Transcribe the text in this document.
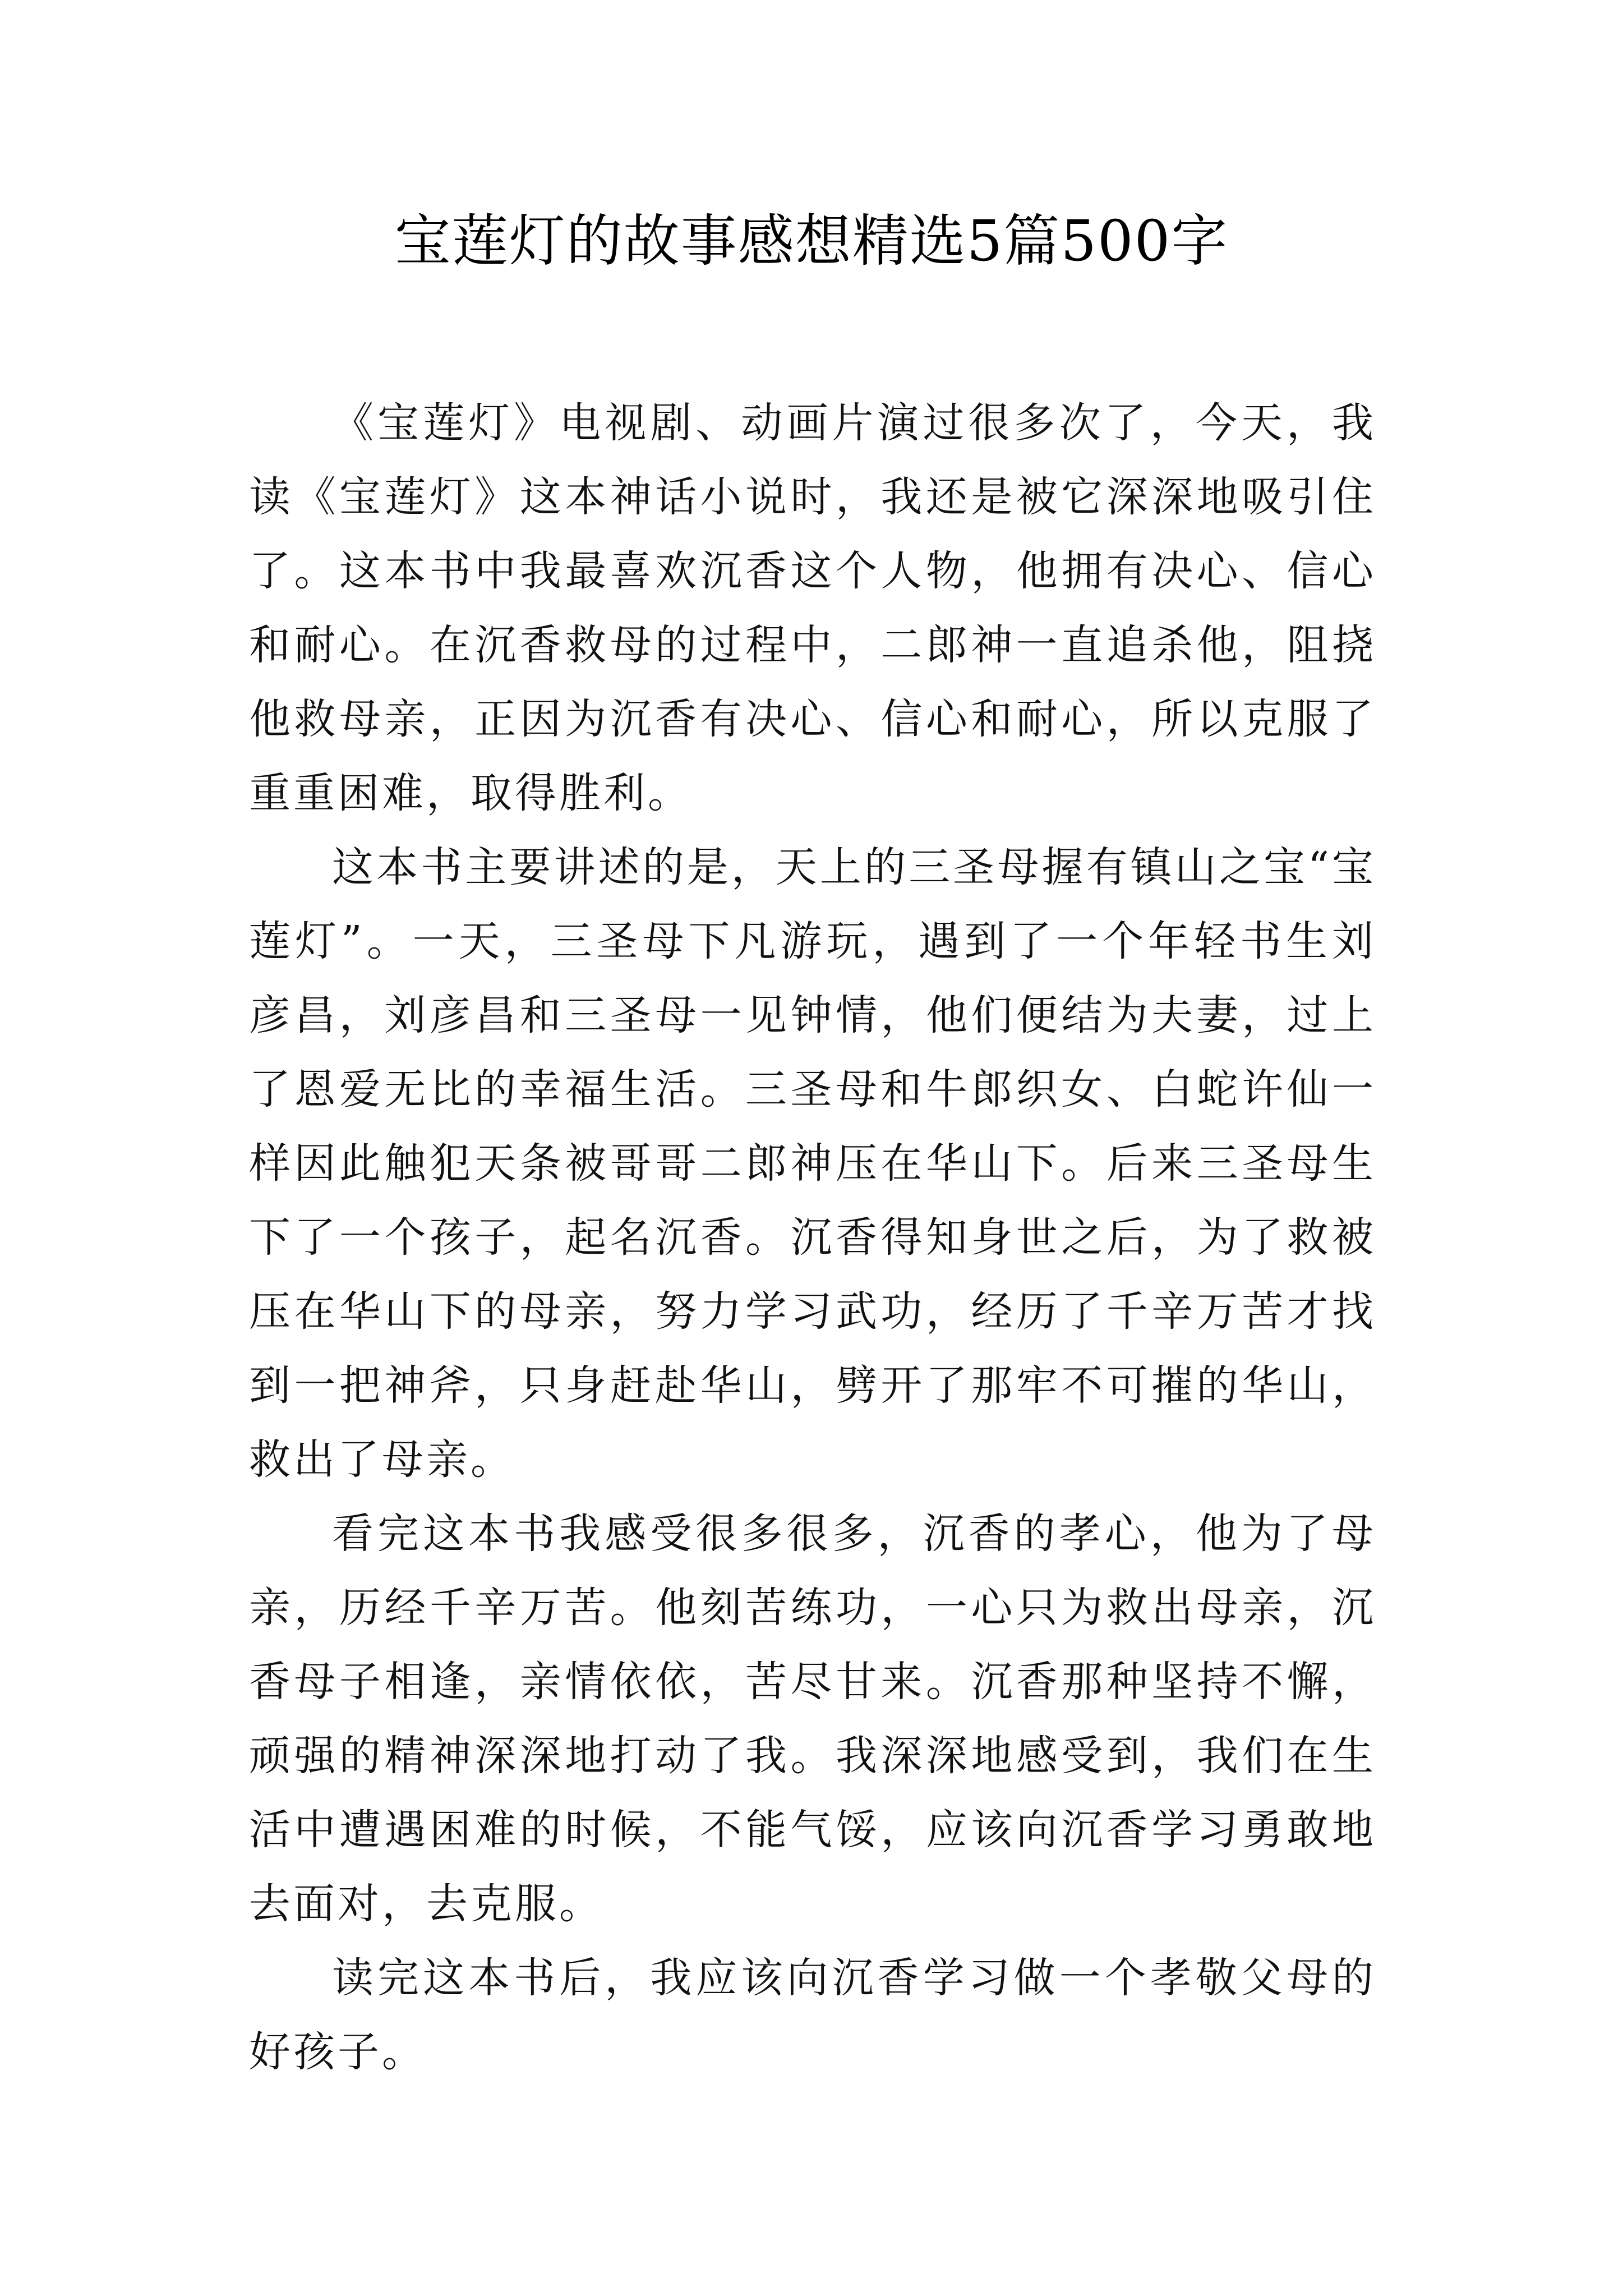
宝莲灯的故事感想精选5篇500字

《宝莲灯》电视剧、动画片演过很多次了，今天，我读《宝莲灯》这本神话小说时，我还是被它深深地吸引住了。这本书中我最喜欢沉香这个人物，他拥有决心、信心和耐心。在沉香救母的过程中，二郎神一直追杀他，阻挠他救母亲，正因为沉香有决心、信心和耐心，所以克服了重重困难，取得胜利。

这本书主要讲述的是，天上的三圣母握有镇山之宝“宝莲灯”。一天，三圣母下凡游玩，遇到了一个年轻书生刘彦昌，刘彦昌和三圣母一见钟情，他们便结为夫妻，过上了恩爱无比的幸福生活。三圣母和牛郎织女、白蛇许仙一样因此触犯天条被哥哥二郎神压在华山下。后来三圣母生下了一个孩子，起名沉香。沉香得知身世之后，为了救被压在华山下的母亲，努力学习武功，经历了千辛万苦才找到一把神斧，只身赶赴华山，劈开了那牢不可摧的华山，救出了母亲。

看完这本书我感受很多很多，沉香的孝心，他为了母亲，历经千辛万苦。他刻苦练功，一心只为救出母亲，沉香母子相逢，亲情依依，苦尽甘来。沉香那种坚持不懈，顽强的精神深深地打动了我。我深深地感受到，我们在生活中遭遇困难的时候，不能气馁，应该向沉香学习勇敢地去面对，去克服。

读完这本书后，我应该向沉香学习做一个孝敬父母的好孩子。
